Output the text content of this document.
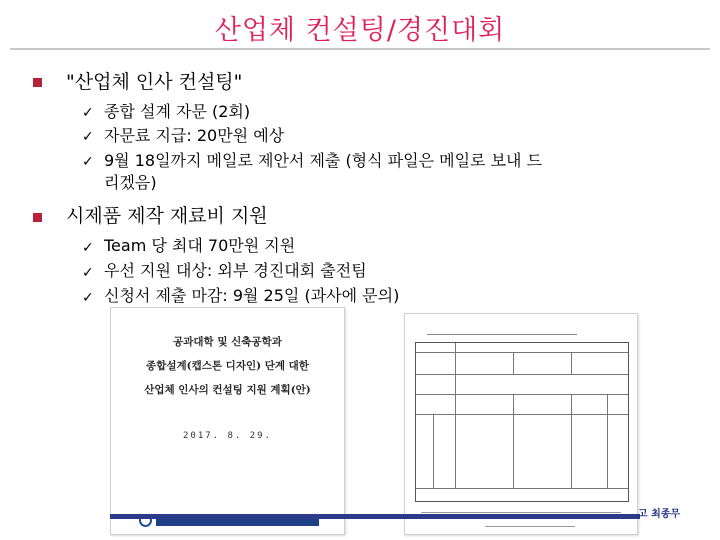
산업체 컨설팅/경진대회
"산업체 인사 컨설팅"
✓ 종합 설계 자문 (2회)
✓ 자문료 지급: 20만원 예상
✓ 9월 18일까지 메일로 제안서 제출 (형식 파일은 메일로 보내 드
리겠음)
시제품 제작 재료비 지원
✓ Team 당 최대 70만원 지원
✓ 우선 지원 대상: 외부 경진대회 출전팀
✓ 신청서 제출 마감: 9월 25일 (과사에 문의)
공과대학 및 신축공학과
종합설계(캡스톤 디자인) 단계 대한
산업체 인사의 컨설팅 지원 계획(안)
2017. 8. 29.
고 최종무
